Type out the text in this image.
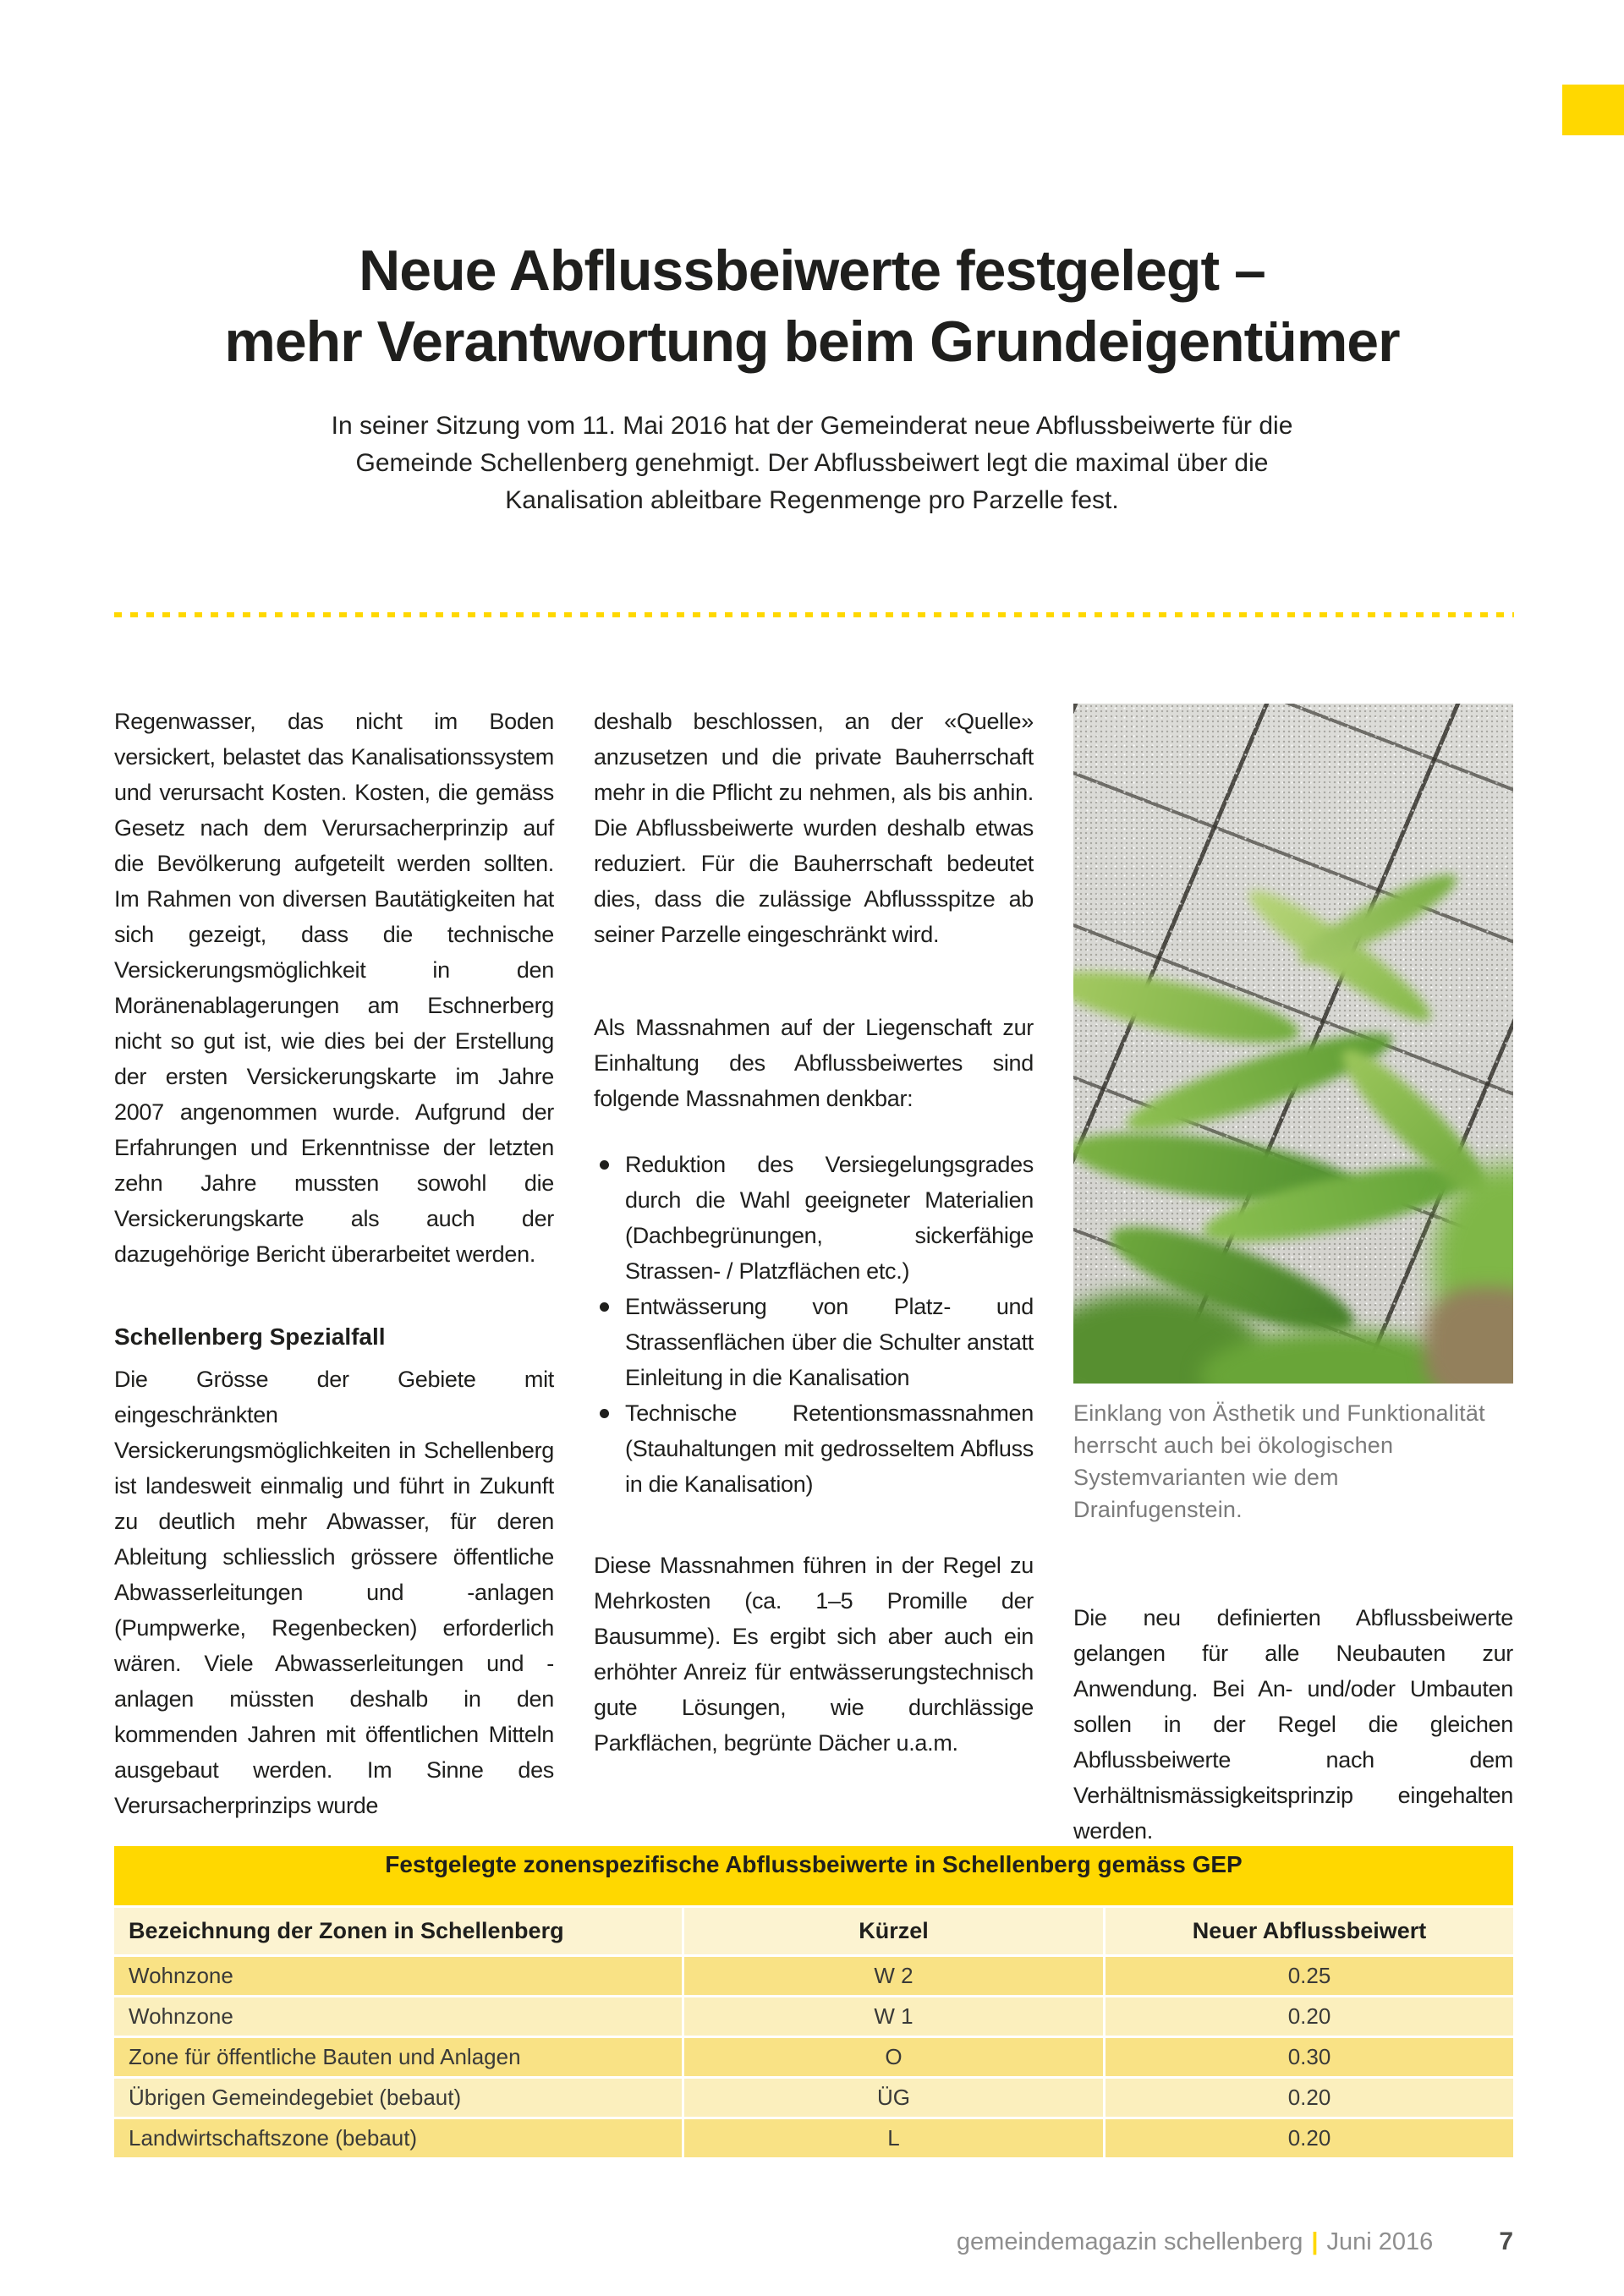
Neue Abflussbeiwerte festgelegt –
mehr Verantwortung beim Grundeigentümer

In seiner Sitzung vom 11. Mai 2016 hat der Gemeinderat neue Abflussbeiwerte für die Gemeinde Schellenberg genehmigt. Der Abflussbeiwert legt die maximal über die Kanalisation ableitbare Regenmenge pro Parzelle fest.

Regenwasser, das nicht im Boden versickert, belastet das Kanalisationssystem und verursacht Kosten. Kosten, die gemäss Gesetz nach dem Verursacherprinzip auf die Bevölkerung aufgeteilt werden sollten. Im Rahmen von diversen Bautätigkeiten hat sich gezeigt, dass die technische Versickerungsmöglichkeit in den Moränenablagerungen am Eschnerberg nicht so gut ist, wie dies bei der Erstellung der ersten Versickerungskarte im Jahre 2007 angenommen wurde. Aufgrund der Erfahrungen und Erkenntnisse der letzten zehn Jahre mussten sowohl die Versickerungskarte als auch der dazugehörige Bericht überarbeitet werden.

Schellenberg Spezialfall

Die Grösse der Gebiete mit eingeschränkten Versickerungsmöglichkeiten in Schellenberg ist landesweit einmalig und führt in Zukunft zu deutlich mehr Abwasser, für deren Ableitung schliesslich grössere öffentliche Abwasserleitungen und -anlagen (Pumpwerke, Regenbecken) erforderlich wären. Viele Abwasserleitungen und -anlagen müssten deshalb in den kommenden Jahren mit öffentlichen Mitteln ausgebaut werden. Im Sinne des Verursacherprinzips wurde

deshalb beschlossen, an der «Quelle» anzusetzen und die private Bauherrschaft mehr in die Pflicht zu nehmen, als bis anhin. Die Abflussbeiwerte wurden deshalb etwas reduziert. Für die Bauherrschaft bedeutet dies, dass die zulässige Abflussspitze ab seiner Parzelle eingeschränkt wird.

Als Massnahmen auf der Liegenschaft zur Einhaltung des Abflussbeiwertes sind folgende Massnahmen denkbar:

Reduktion des Versiegelungsgrades durch die Wahl geeigneter Materialien (Dachbegrünungen, sickerfähige Strassen- / Platzflächen etc.)
Entwässerung von Platz- und Strassenflächen über die Schulter anstatt Einleitung in die Kanalisation
Technische Retentionsmassnahmen (Stauhaltungen mit gedrosseltem Abfluss in die Kanalisation)

Diese Massnahmen führen in der Regel zu Mehrkosten (ca. 1–5 Promille der Bausumme). Es ergibt sich aber auch ein erhöhter Anreiz für entwässerungstechnisch gute Lösungen, wie durchlässige Parkflächen, begrünte Dächer u.a.m.

Einklang von Ästhetik und Funktionalität herrscht auch bei ökologischen Systemvarianten wie dem Drainfugenstein.

Die neu definierten Abflussbeiwerte gelangen für alle Neubauten zur Anwendung. Bei An- und/oder Umbauten sollen in der Regel die gleichen Abflussbeiwerte nach dem Verhältnismässigkeitsprinzip eingehalten werden.

Festgelegte zonenspezifische Abflussbeiwerte in Schellenberg gemäss GEP
Bezeichnung der Zonen in Schellenberg	Kürzel	Neuer Abflussbeiwert
Wohnzone	W 2	0.25
Wohnzone	W 1	0.20
Zone für öffentliche Bauten und Anlagen	O	0.30
Übrigen Gemeindegebiet (bebaut)	ÜG	0.20
Landwirtschaftszone (bebaut)	L	0.20
gemeindemagazin schellenberg | Juni 2016	7
